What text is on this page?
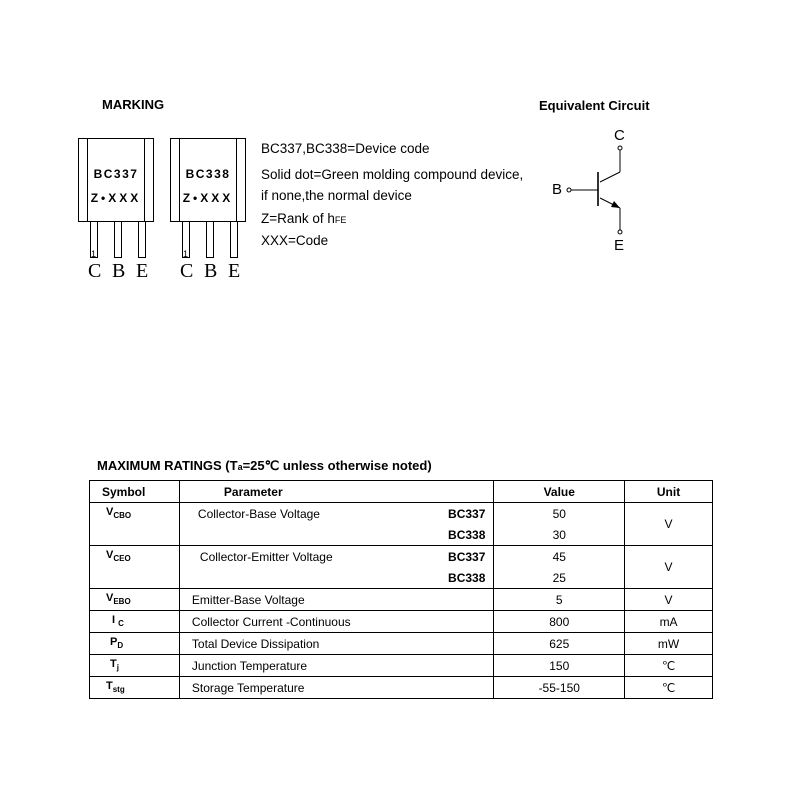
MARKING
BC337
Z•XXX
1
C B E
BC338
Z•XXX
1
C B E
BC337,BC338=Device code
Solid dot=Green molding compound device,
if none,the normal device
Z=Rank of hFE
XXX=Code
Equivalent Circuit
C
B
E
MAXIMUM RATINGS (Ta=25℃ unless otherwise noted)
Symbol	Parameter	Value	Unit
$V_{CBO}$	Collector-Base Voltage BC337	50	V

	BC338	30	
$V_{CEO}$	Collector-Emitter Voltage BC337	45	V

	BC338	25	
$V_{EBO}$	Emitter-Base Voltage	5	V
I $_C$	Collector Current -Continuous	800	mA
$P_D$	Total Device Dissipation	625	mW
$T_j$	Junction Temperature	150	℃
$T_{stg}$	Storage Temperature	-55-150	℃
